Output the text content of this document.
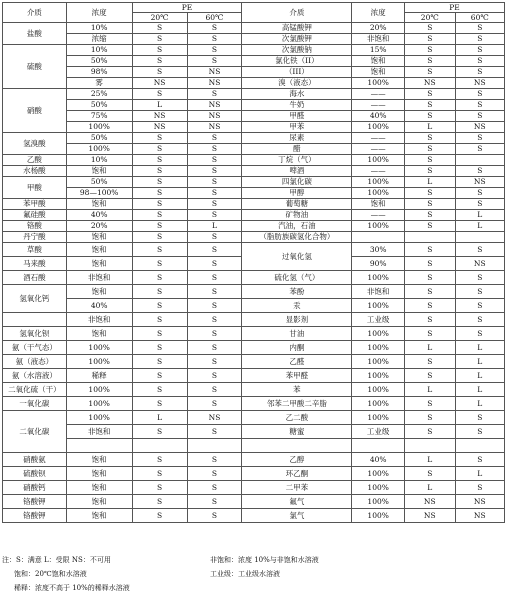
介质	浓度	PE		介质	浓度	PE	
		20℃	60℃			20℃	60℃
盐酸	10%	S	S	高锰酸钾	20%	S	S
	浓缩	S	S	次氯酸钾	非饱和	S	S
硫酸	10%	S	S	次氯酸钠	15%	S	S
	50%	S	S	氯化铁（II）	饱和	S	S
	98%	S	NS	（III）	饱和	S	S
	雾	NS	NS	溴（液态）	100%	NS	NS
硝酸	25%	S	S	海水	——	S	S
	50%	L	NS	牛奶	——	S	S
	75%	NS	NS	甲醛	40%	S	S
	100%	NS	NS	甲苯	100%	L	NS
氢溴酸	50%	S	S	尿素	——	S	S
	100%	S	S	醋	——	S	S
乙酸	10%	S	S	丁烷（气）	100%	S	
水杨酸	饱和	S	S	啤酒	——	S	S
甲酸	50%	S	S	四氯化碳	100%	L	NS
	98—100%	S	S	甲醇	100%	S	S
苯甲酸	饱和	S	S	葡萄糖	饱和	S	S
氟硅酸	40%	S	S	矿物油	——	S	L
铬酸	20%	S	L	汽油，石油	100%	S	L
丹宁酸	饱和	S	S	（脂肪族碳氢化合物）			
草酸	饱和	S	S	过氧化氢	30%	S	S
马来酸	饱和	S	S		90%	S	NS
酒石酸	非饱和	S	S	硫化氢（气）	100%	S	S
氢氧化钙	饱和	S	S	苯酚	非饱和	S	S
	40%	S	S	汞	100%	S	S
	非饱和	S	S	显影剂	工业级	S	S
氢氧化钡	饱和	S	S	甘油	100%	S	S
氨（干气态）	100%	S	S	内酮	100%	L	L
氨（液态）	100%	S	S	乙醛	100%	S	L
氨（水溶液）	稀释	S	S	苯甲醛	100%	S	L
二氧化硫（干）	100%	S	S	苯	100%	L	L
一氧化碳	100%	S	S	邻苯二甲酸二辛脂	100%	S	L
二氧化碳	100%	L	NS	乙二酸	100%	S	S
	非饱和	S	S	糖蜜	工业级	S	S

硝酸氨	饱和	S	S	乙醇	40%	L	S
硫酸钡	饱和	S	S	环乙酮	100%	S	L
硝酸钙	饱和	S	S	二甲苯	100%	L	S
铬酸钾	饱和	S	S	氟气	100%	NS	NS
铬酸钾	饱和	S	S	氯气	100%	NS	NS
注：S：满意 L：受限 NS：不可用	非饱和：浓度 10%与非饱和水溶液
饱和：20℃饱和水溶液	工业级：工业级水溶液
稀释：浓度不高于 10%的稀释水溶液
